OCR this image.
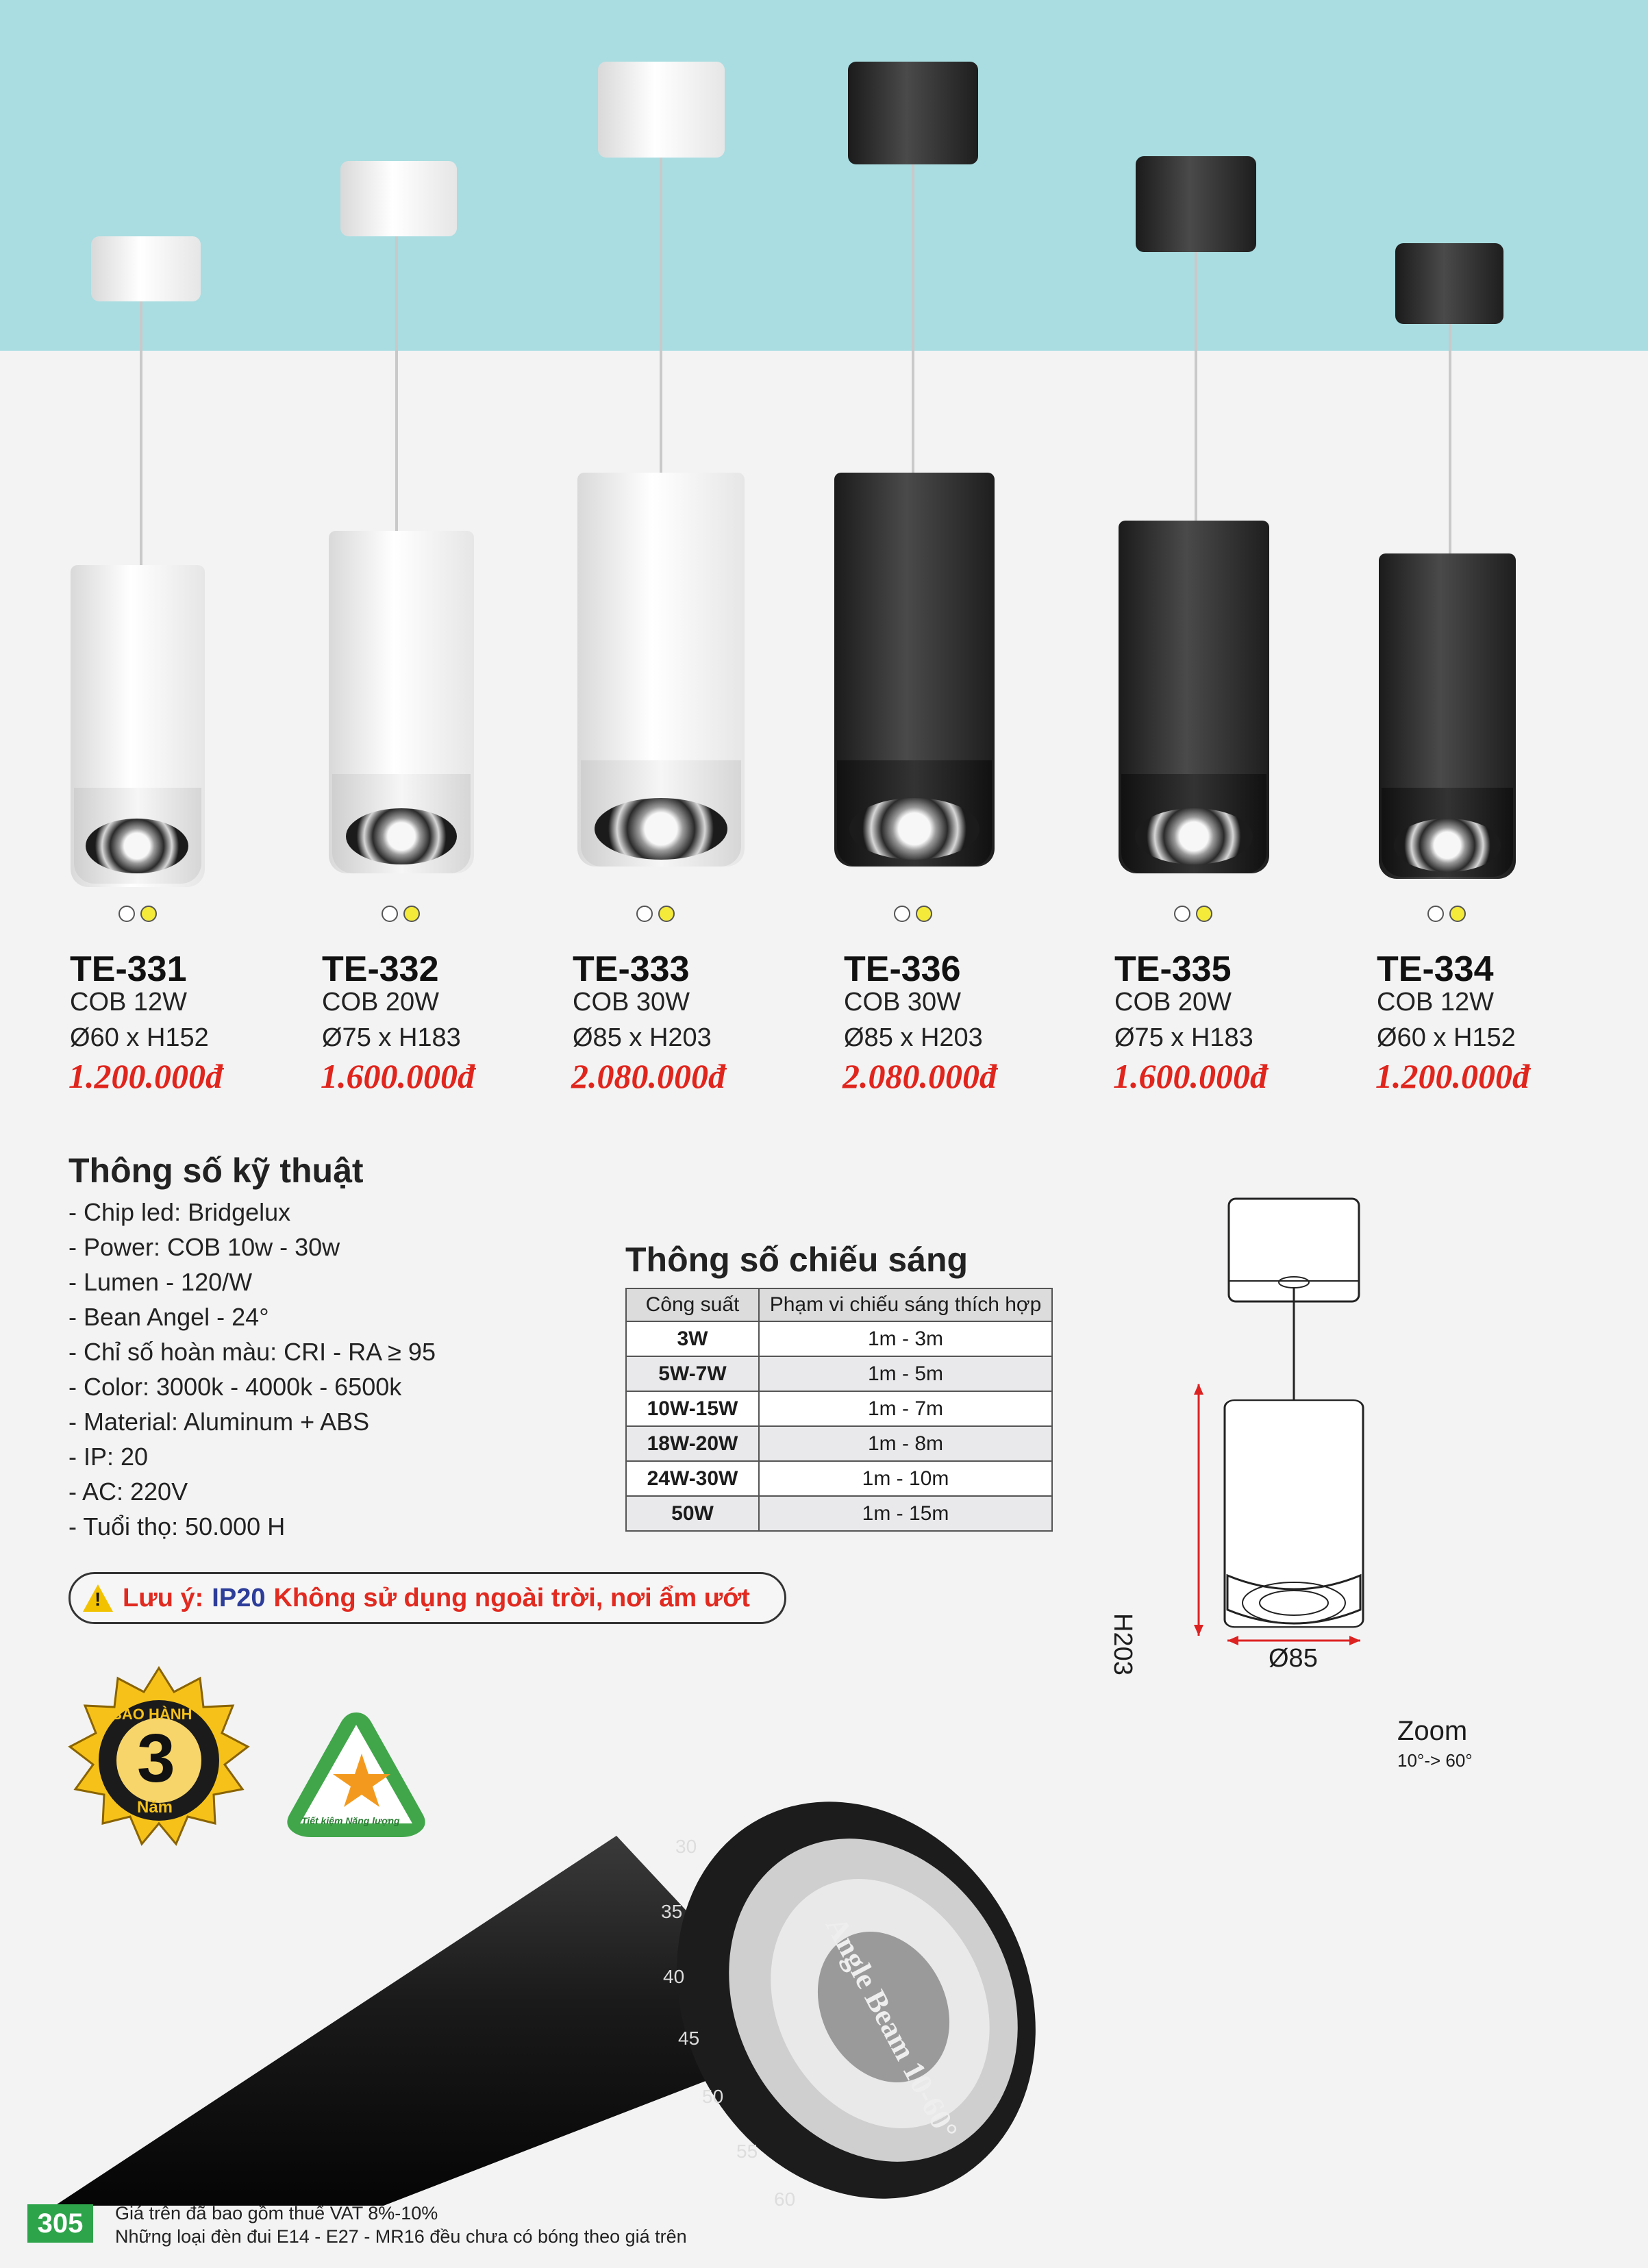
TE-331
COB 12W
Ø60 x H152
1.200.000đ
TE-332
COB 20W
Ø75 x H183
1.600.000đ
TE-333
COB 30W
Ø85 x H203
2.080.000đ
TE-336
COB 30W
Ø85 x H203
2.080.000đ
TE-335
COB 20W
Ø75 x H183
1.600.000đ
TE-334
COB 12W
Ø60 x H152
1.200.000đ
Thông số kỹ thuật
- Chip led: Bridgelux
- Power: COB 10w - 30w
- Lumen - 120/W
- Bean Angel - 24°
- Chỉ số hoàn màu: CRI - RA ≥ 95
- Color: 3000k - 4000k - 6500k
- Material: Aluminum + ABS
- IP: 20
- AC: 220V
- Tuổi thọ: 50.000 H
Thông số chiếu sáng
Công suất	Phạm vi chiếu sáng thích hợp
3W	1m - 3m
5W-7W	1m - 5m
10W-15W	1m - 7m
18W-20W	1m - 8m
24W-30W	1m - 10m
50W	1m - 15m
! Lưu ý: IP20 Không sử dụng ngoài trời, nơi ẩm ướt
H203	Ø85
Zoom
10°-> 60°
BẢO HÀNH
3
Năm
Tiết kiệm Năng lượng
Angle Beam 10-60°
30
35
40
45
50
55
60
305	Giá trên đã bao gồm thuế VAT 8%-10%
Những loại đèn đui E14 - E27 - MR16 đều chưa có bóng theo giá trên
